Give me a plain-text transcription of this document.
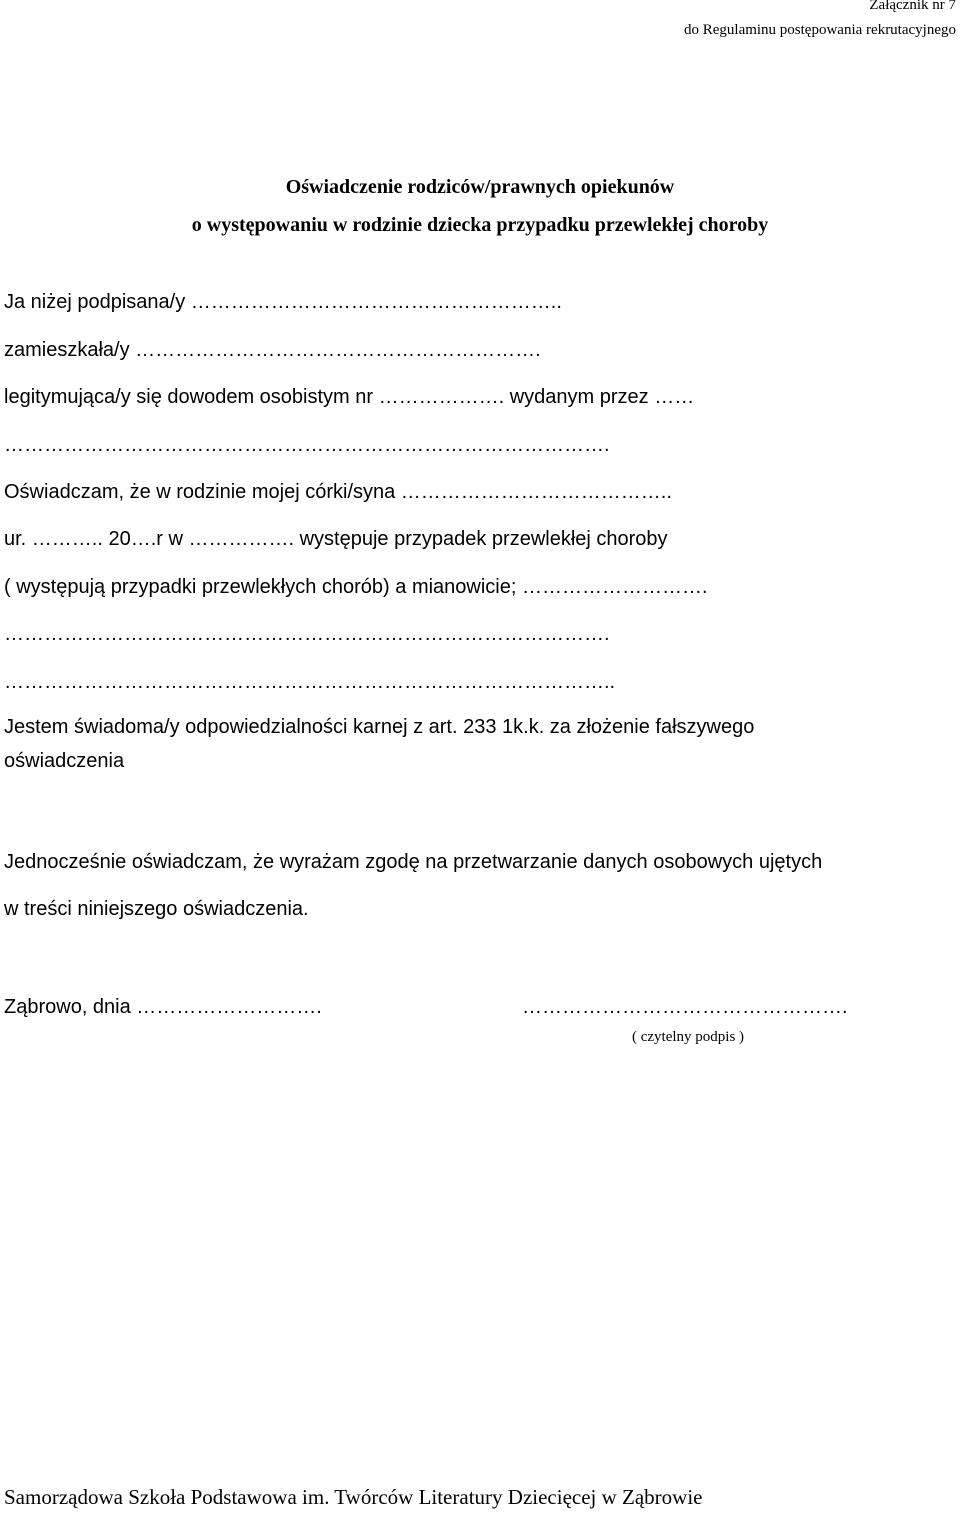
Załącznik nr 7
do Regulaminu postępowania rekrutacyjnego
Oświadczenie rodziców/prawnych opiekunów
o występowaniu w rodzinie dziecka przypadku przewlekłej choroby

Ja niżej podpisana/y ………………………………………………..

zamieszkała/y …………………………………………………….

legitymująca/y się dowodem osobistym nr ………………. wydanym przez ……

……………………………………………………………………………….

Oświadczam, że w rodzinie mojej córki/syna …………………………………..

ur. ……….. 20….r w ……………. występuje przypadek przewlekłej choroby

( występują przypadki przewlekłych chorób) a mianowicie; ……………………….

……………………………………………………………………………….

………………………………………………………………………………..

Jestem świadoma/y odpowiedzialności karnej z art. 233 1k.k. za złożenie fałszywego

oświadczenia

Jednocześnie oświadczam, że wyrażam zgodę na przetwarzanie danych osobowych ujętych

w treści niniejszego oświadczenia.

Ząbrowo, dnia ……………………….	………………………………………….

( czytelny podpis )

Samorządowa Szkoła Podstawowa im. Twórców Literatury Dziecięcej w Ząbrowie
